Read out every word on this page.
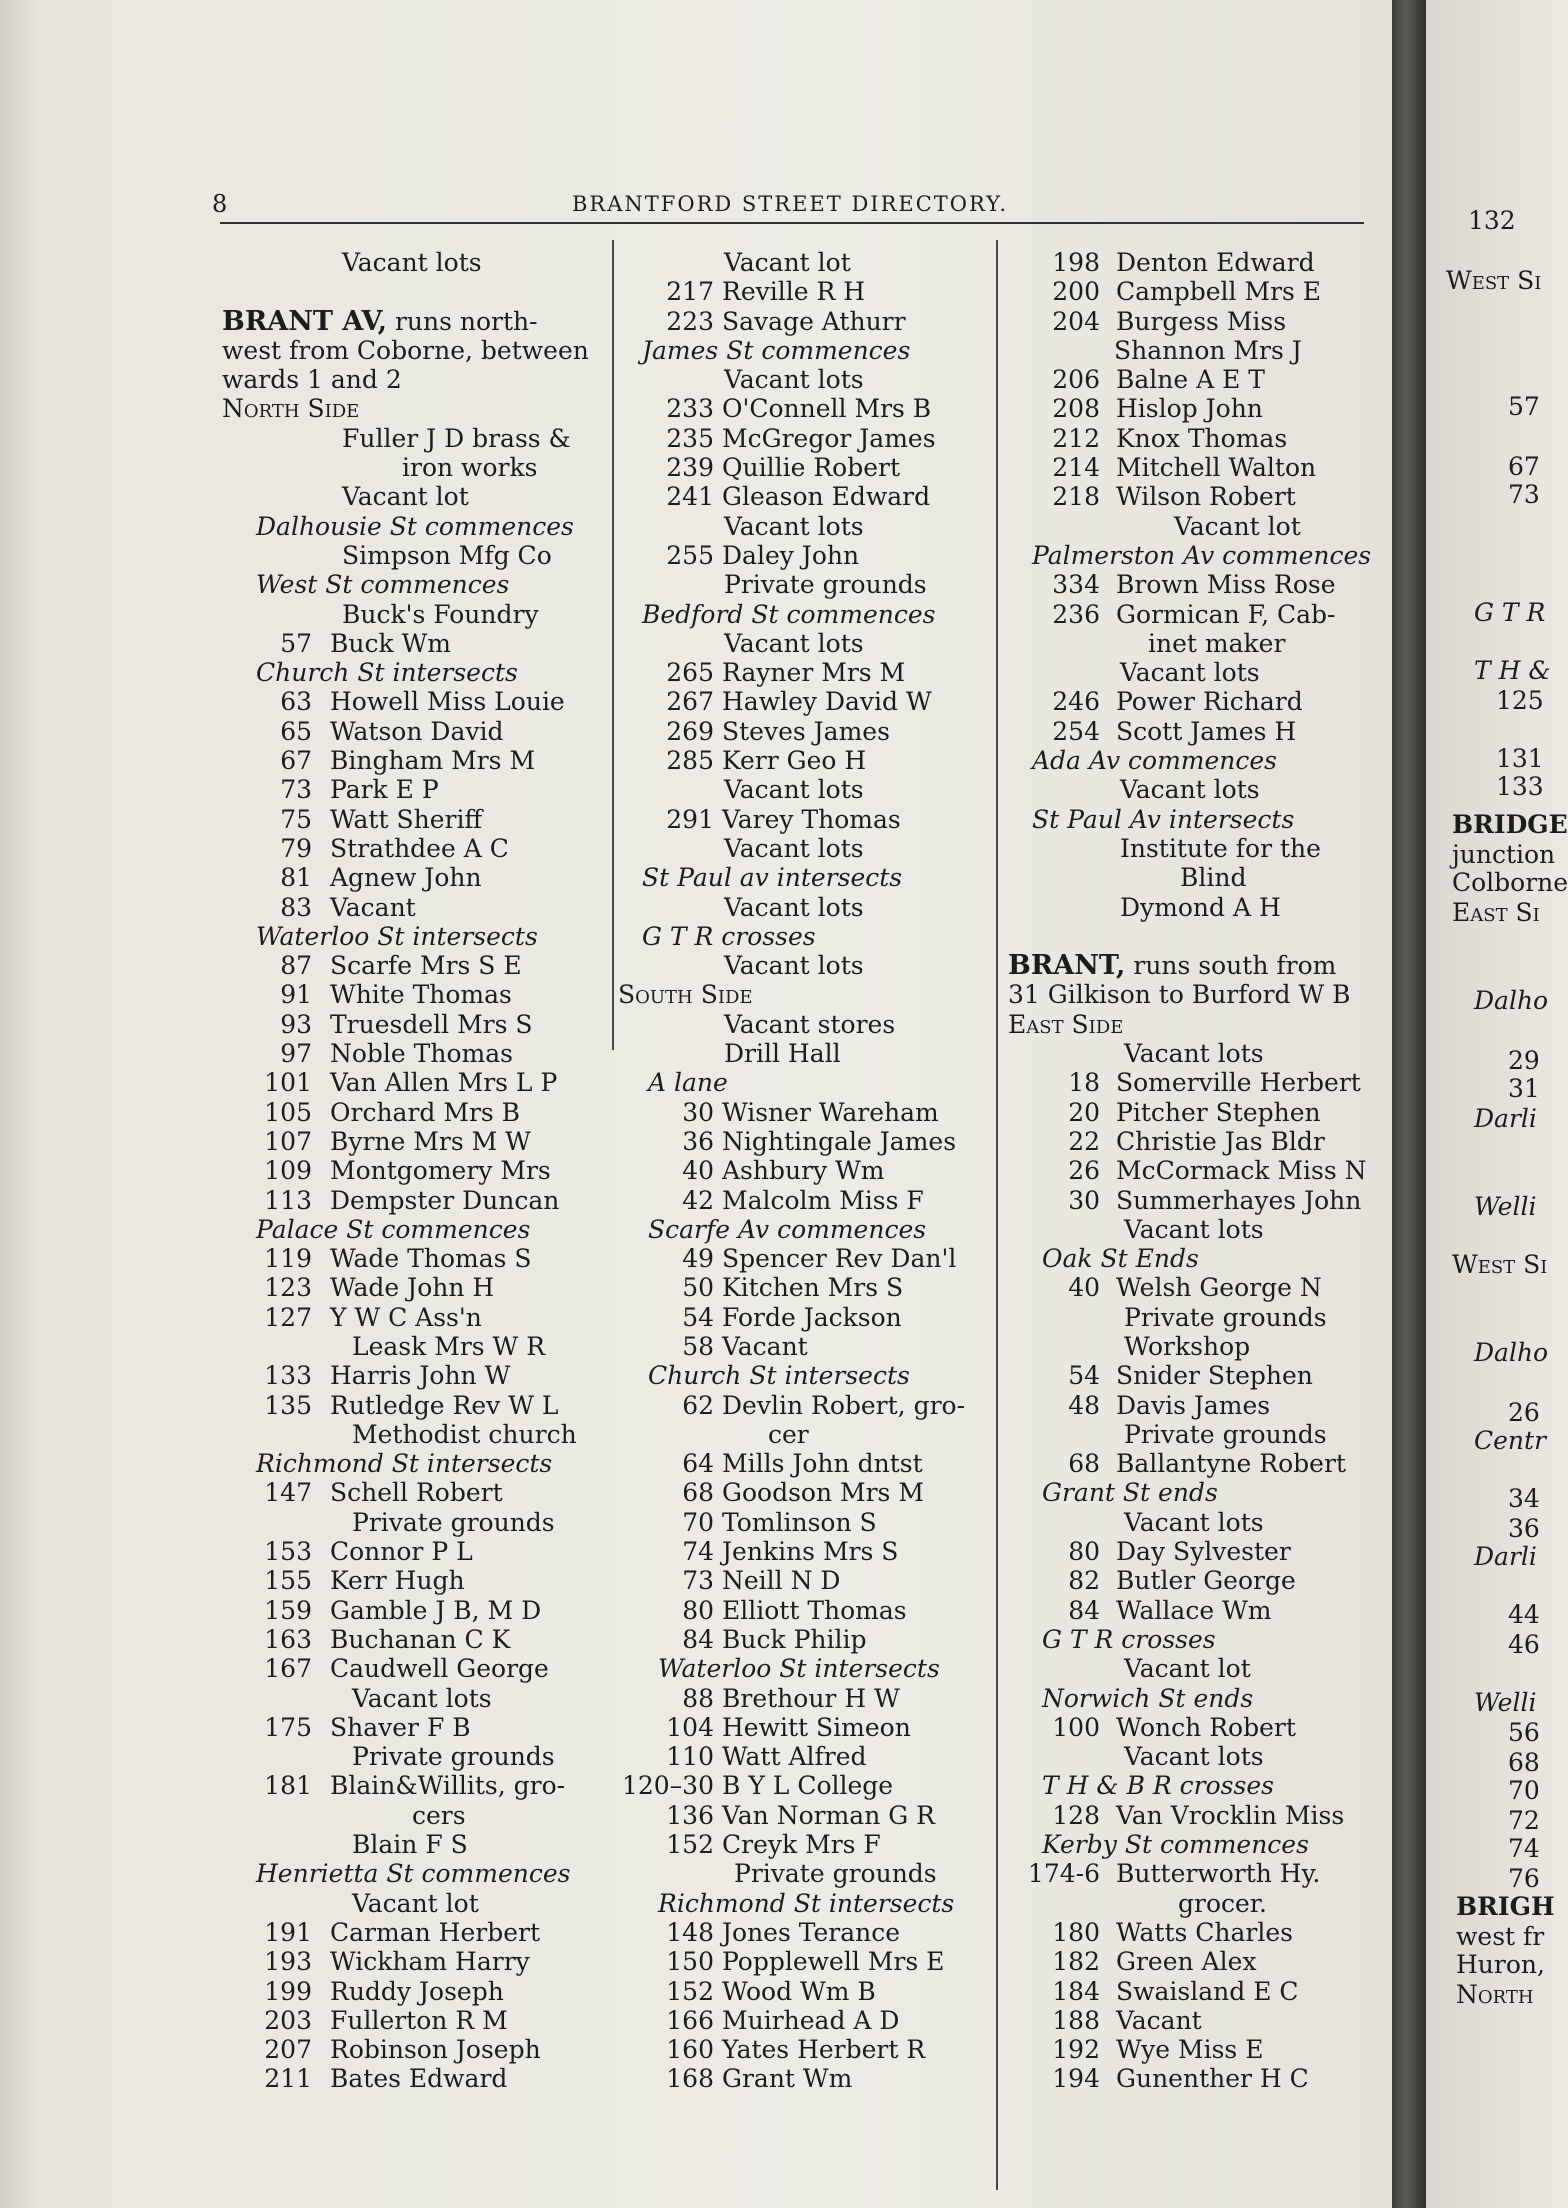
8	BRANTFORD STREET DIRECTORY.
Vacant lots
BRANT AV, runs north-
west from Coborne, between
wards 1 and 2
North Side
Fuller J D brass &
iron works
Vacant lot
Dalhousie St commences
Simpson Mfg Co
West St commences
Buck's Foundry
57 Buck Wm
Church St intersects
63 Howell Miss Louie
65 Watson David
67 Bingham Mrs M
73 Park E P
75 Watt Sheriff
79 Strathdee A C
81 Agnew John
83 Vacant
Waterloo St intersects
87 Scarfe Mrs S E
91 White Thomas
93 Truesdell Mrs S
97 Noble Thomas
101 Van Allen Mrs L P
105 Orchard Mrs B
107 Byrne Mrs M W
109 Montgomery Mrs
113 Dempster Duncan
Palace St commences
119 Wade Thomas S
123 Wade John H
127 Y W C Ass'n
Leask Mrs W R
133 Harris John W
135 Rutledge Rev W L
Methodist church
Richmond St intersects
147 Schell Robert
Private grounds
153 Connor P L
155 Kerr Hugh
159 Gamble J B, M D
163 Buchanan C K
167 Caudwell George
Vacant lots
175 Shaver F B
Private grounds
181 Blain&Willits, gro-
cers
Blain F S
Henrietta St commences
Vacant lot
191 Carman Herbert
193 Wickham Harry
199 Ruddy Joseph
203 Fullerton R M
207 Robinson Joseph
211 Bates Edward
Vacant lot
217 Reville R H
223 Savage Athurr
James St commences
Vacant lots
233 O'Connell Mrs B
235 McGregor James
239 Quillie Robert
241 Gleason Edward
Vacant lots
255 Daley John
Private grounds
Bedford St commences
Vacant lots
265 Rayner Mrs M
267 Hawley David W
269 Steves James
285 Kerr Geo H
Vacant lots
291 Varey Thomas
Vacant lots
St Paul av intersects
Vacant lots
G T R crosses
Vacant lots
South Side
Vacant stores
Drill Hall
A lane
30 Wisner Wareham
36 Nightingale James
40 Ashbury Wm
42 Malcolm Miss F
Scarfe Av commences
49 Spencer Rev Dan'l
50 Kitchen Mrs S
54 Forde Jackson
58 Vacant
Church St intersects
62 Devlin Robert, gro-
cer
64 Mills John dntst
68 Goodson Mrs M
70 Tomlinson S
74 Jenkins Mrs S
73 Neill N D
80 Elliott Thomas
84 Buck Philip
Waterloo St intersects
88 Brethour H W
104 Hewitt Simeon
110 Watt Alfred
120–30 B Y L College
136 Van Norman G R
152 Creyk Mrs F
Private grounds
Richmond St intersects
148 Jones Terance
150 Popplewell Mrs E
152 Wood Wm B
166 Muirhead A D
160 Yates Herbert R
168 Grant Wm
198 Denton Edward
200 Campbell Mrs E
204 Burgess Miss
Shannon Mrs J
206 Balne A E T
208 Hislop John
212 Knox Thomas
214 Mitchell Walton
218 Wilson Robert
Vacant lot
Palmerston Av commences
334 Brown Miss Rose
236 Gormican F, Cab-
inet maker
Vacant lots
246 Power Richard
254 Scott James H
Ada Av commences
Vacant lots
St Paul Av intersects
Institute for the
Blind
Dymond A H
BRANT, runs south from
31 Gilkison to Burford W B
East Side
Vacant lots
18 Somerville Herbert
20 Pitcher Stephen
22 Christie Jas Bldr
26 McCormack Miss N
30 Summerhayes John
Vacant lots
Oak St Ends
40 Welsh George N
Private grounds
Workshop
54 Snider Stephen
48 Davis James
Private grounds
68 Ballantyne Robert
Grant St ends
Vacant lots
80 Day Sylvester
82 Butler George
84 Wallace Wm
G T R crosses
Vacant lot
Norwich St ends
100 Wonch Robert
Vacant lots
T H & B R crosses
128 Van Vrocklin Miss
Kerby St commences
174-6 Butterworth Hy.
grocer.
180 Watts Charles
182 Green Alex
184 Swaisland E C
188 Vacant
192 Wye Miss E
194 Gunenther H C
132
West Si
57
67
73
G T R
T H &
125
131
133
BRIDGE
junction
Colborne
East Si
Dalho
29
31
Darli
Welli
West Si
Dalho
26
Centr
34
36
Darli
44
46
Welli
56
68
70
72
74
76
BRIGH
west fr
Huron,
North
